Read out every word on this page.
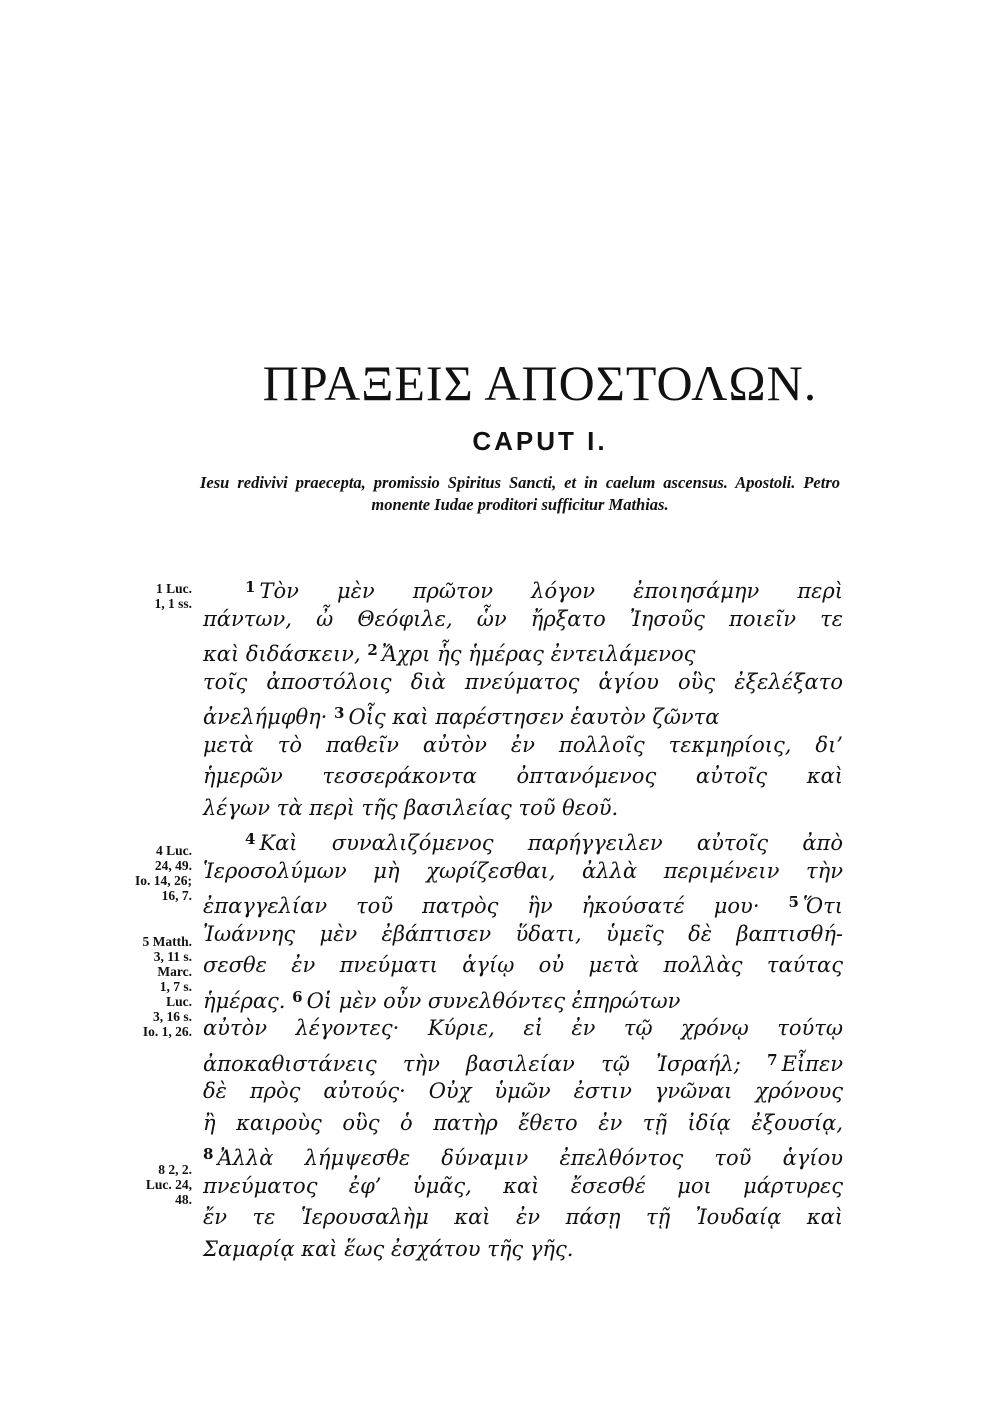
ΠΡΑΞΕΙΣ ΑΠΟΣΤΟΛΩΝ.
CAPUT I.
Iesu redivivi praecepta, promissio Spiritus Sancti, et in caelum ascensus. Apostoli. Petro monente Iudae proditori sufficitur Mathias.
1 Luc.
1, 1 ss.
4 Luc.
24, 49.
Io. 14, 26;
16, 7.
5 Matth.
3, 11 s.
Marc.
1, 7 s.
Luc.
3, 16 s.
Io. 1, 26.
8 2, 2.
Luc. 24,
48.
$^1$ Τὸν μὲν πρῶτον λόγον ἐποιησάμην περὶ
πάντων, ὦ Θεόφιλε, ὧν ἤρξατο Ἰησοῦς ποιεῖν τε
καὶ διδάσκειν, $^2$ Ἄχρι ἧς ἡμέρας ἐντειλάμενος
τοῖς ἀποστόλοις διὰ πνεύματος ἁγίου οὓς ἐξελέξατο
ἀνελήμφθη· $^3$ Οἷς καὶ παρέστησεν ἑαυτὸν ζῶντα
μετὰ τὸ παθεῖν αὐτὸν ἐν πολλοῖς τεκμηρίοις, δι’
ἡμερῶν τεσσεράκοντα ὀπτανόμενος αὐτοῖς καὶ
λέγων τὰ περὶ τῆς βασιλείας τοῦ θεοῦ.
$^4$ Καὶ συναλιζόμενος παρήγγειλεν αὐτοῖς ἀπὸ
Ἱεροσολύμων μὴ χωρίζεσθαι, ἀλλὰ περιμένειν τὴν
ἐπαγγελίαν τοῦ πατρὸς ἣν ἠκούσατέ μου· $^5$ Ὅτι
Ἰωάννης μὲν ἐβάπτισεν ὕδατι, ὑμεῖς δὲ βαπτισθή-
σεσθε ἐν πνεύματι ἁγίῳ οὐ μετὰ πολλὰς ταύτας
ἡμέρας. $^6$ Οἱ μὲν οὖν συνελθόντες ἐπηρώτων
αὐτὸν λέγοντες· Κύριε, εἰ ἐν τῷ χρόνῳ τούτῳ
ἀποκαθιστάνεις τὴν βασιλείαν τῷ Ἰσραήλ; $^7$ Εἶπεν
δὲ πρὸς αὐτούς· Οὐχ ὑμῶν ἐστιν γνῶναι χρόνους
ἢ καιροὺς οὓς ὁ πατὴρ ἔθετο ἐν τῇ ἰδίᾳ ἐξουσίᾳ,
$^8$ Ἀλλὰ λήμψεσθε δύναμιν ἐπελθόντος τοῦ ἁγίου
πνεύματος ἐφ’ ὑμᾶς, καὶ ἔσεσθέ μοι μάρτυρες
ἔν τε Ἱερουσαλὴμ καὶ ἐν πάσῃ τῇ Ἰουδαίᾳ καὶ
Σαμαρίᾳ καὶ ἕως ἐσχάτου τῆς γῆς.
